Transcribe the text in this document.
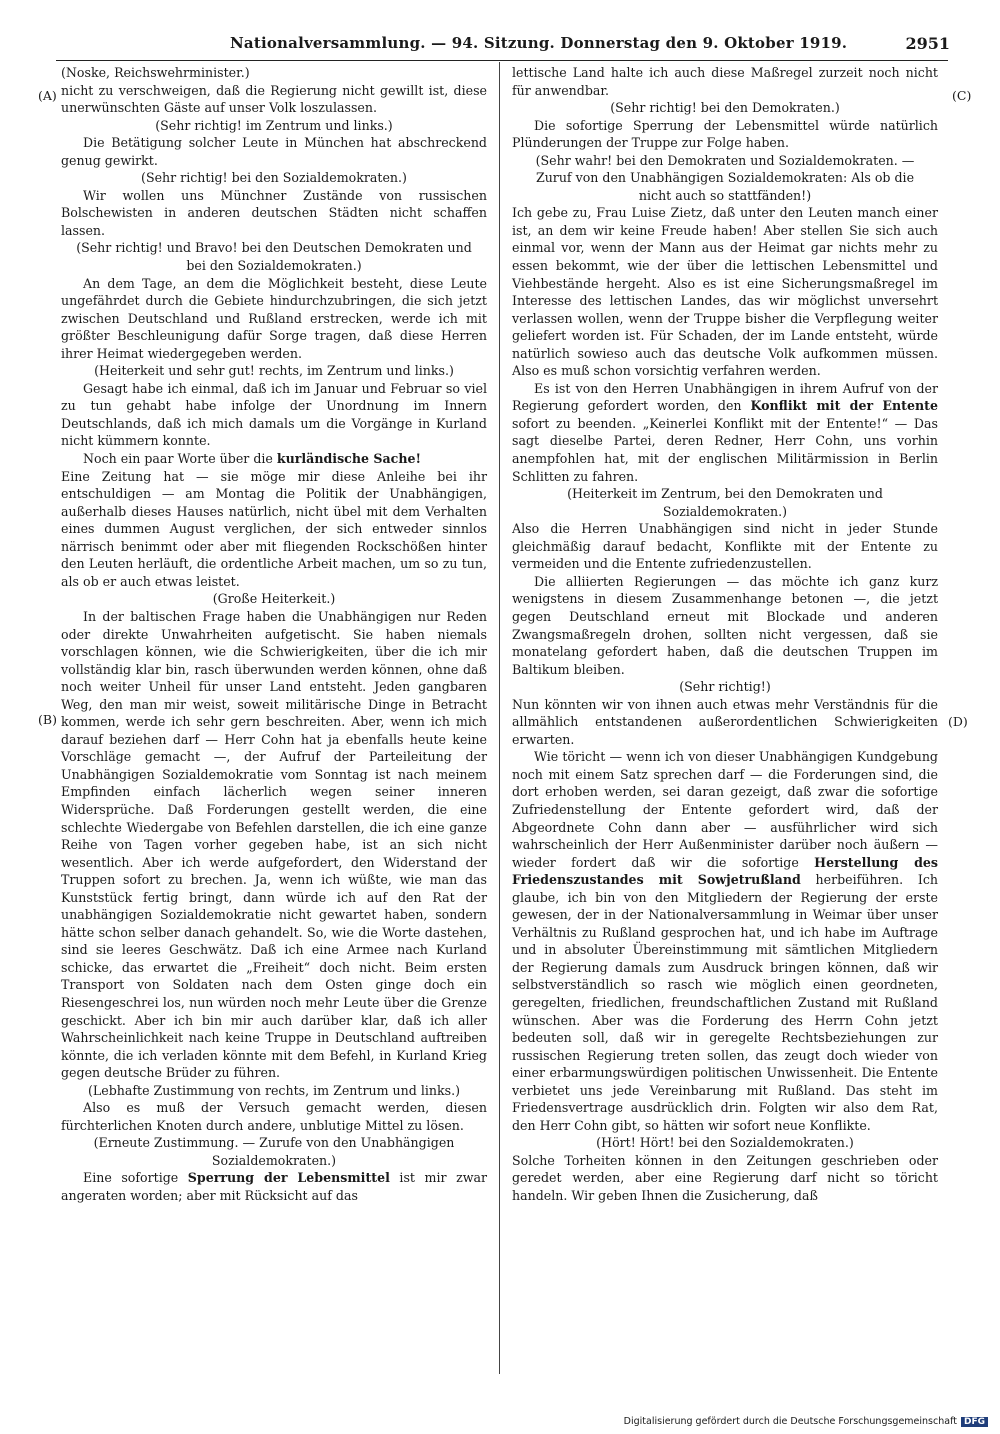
Nationalversammlung. — 94. Sitzung. Donnerstag den 9. Oktober 1919.	2951
(A)
(B)
(C)
(D)

(Noske, Reichswehrminister.)

nicht zu verschweigen, daß die Regierung nicht gewillt ist, diese unerwünschten Gäste auf unser Volk loszulassen.

(Sehr richtig! im Zentrum und links.)

Die Betätigung solcher Leute in München hat abschreckend genug gewirkt.

(Sehr richtig! bei den Sozialdemokraten.)

Wir wollen uns Münchner Zustände von russischen Bolschewisten in anderen deutschen Städten nicht schaffen lassen.

(Sehr richtig! und Bravo! bei den Deutschen Demokraten und bei den Sozialdemokraten.)

An dem Tage, an dem die Möglichkeit besteht, diese Leute ungefährdet durch die Gebiete hindurchzubringen, die sich jetzt zwischen Deutschland und Rußland erstrecken, werde ich mit größter Beschleunigung dafür Sorge tragen, daß diese Herren ihrer Heimat wiedergegeben werden.

(Heiterkeit und sehr gut! rechts, im Zentrum und links.)

Gesagt habe ich einmal, daß ich im Januar und Februar so viel zu tun gehabt habe infolge der Unordnung im Innern Deutschlands, daß ich mich damals um die Vorgänge in Kurland nicht kümmern konnte.

Noch ein paar Worte über die kurländische Sache!

Eine Zeitung hat — sie möge mir diese Anleihe bei ihr entschuldigen — am Montag die Politik der Unabhängigen, außerhalb dieses Hauses natürlich, nicht übel mit dem Verhalten eines dummen August verglichen, der sich entweder sinnlos närrisch benimmt oder aber mit fliegenden Rockschößen hinter den Leuten herläuft, die ordentliche Arbeit machen, um so zu tun, als ob er auch etwas leistet.

(Große Heiterkeit.)

In der baltischen Frage haben die Unabhängigen nur Reden oder direkte Unwahrheiten aufgetischt. Sie haben niemals vorschlagen können, wie die Schwierigkeiten, über die ich mir vollständig klar bin, rasch überwunden werden können, ohne daß noch weiter Unheil für unser Land entsteht. Jeden gangbaren Weg, den man mir weist, soweit militärische Dinge in Betracht kommen, werde ich sehr gern beschreiten. Aber, wenn ich mich darauf beziehen darf — Herr Cohn hat ja ebenfalls heute keine Vorschläge gemacht —, der Aufruf der Parteileitung der Unabhängigen Sozialdemokratie vom Sonntag ist nach meinem Empfinden einfach lächerlich wegen seiner inneren Widersprüche. Daß Forderungen gestellt werden, die eine schlechte Wiedergabe von Befehlen darstellen, die ich eine ganze Reihe von Tagen vorher gegeben habe, ist an sich nicht wesentlich. Aber ich werde aufgefordert, den Widerstand der Truppen sofort zu brechen. Ja, wenn ich wüßte, wie man das Kunststück fertig bringt, dann würde ich auf den Rat der unabhängigen Sozialdemokratie nicht gewartet haben, sondern hätte schon selber danach gehandelt. So, wie die Worte dastehen, sind sie leeres Geschwätz. Daß ich eine Armee nach Kurland schicke, das erwartet die „Freiheit“ doch nicht. Beim ersten Transport von Soldaten nach dem Osten ginge doch ein Riesengeschrei los, nun würden noch mehr Leute über die Grenze geschickt. Aber ich bin mir auch darüber klar, daß ich aller Wahrscheinlichkeit nach keine Truppe in Deutschland auftreiben könnte, die ich verladen könnte mit dem Befehl, in Kurland Krieg gegen deutsche Brüder zu führen.

(Lebhafte Zustimmung von rechts, im Zentrum und links.)

Also es muß der Versuch gemacht werden, diesen fürchterlichen Knoten durch andere, unblutige Mittel zu lösen.

(Erneute Zustimmung. — Zurufe von den Unabhängigen Sozialdemokraten.)

Eine sofortige Sperrung der Lebensmittel ist mir zwar angeraten worden; aber mit Rücksicht auf das

lettische Land halte ich auch diese Maßregel zurzeit noch nicht für anwendbar.

(Sehr richtig! bei den Demokraten.)

Die sofortige Sperrung der Lebensmittel würde natürlich Plünderungen der Truppe zur Folge haben.

(Sehr wahr! bei den Demokraten und Sozialdemokraten. — Zuruf von den Unabhängigen Sozialdemokraten: Als ob die nicht auch so stattfänden!)

Ich gebe zu, Frau Luise Zietz, daß unter den Leuten manch einer ist, an dem wir keine Freude haben! Aber stellen Sie sich auch einmal vor, wenn der Mann aus der Heimat gar nichts mehr zu essen bekommt, wie der über die lettischen Lebensmittel und Viehbestände hergeht. Also es ist eine Sicherungsmaßregel im Interesse des lettischen Landes, das wir möglichst unversehrt verlassen wollen, wenn der Truppe bisher die Verpflegung weiter geliefert worden ist. Für Schaden, der im Lande entsteht, würde natürlich sowieso auch das deutsche Volk aufkommen müssen. Also es muß schon vorsichtig verfahren werden.

Es ist von den Herren Unabhängigen in ihrem Aufruf von der Regierung gefordert worden, den Konflikt mit der Entente sofort zu beenden. „Keinerlei Konflikt mit der Entente!“ — Das sagt dieselbe Partei, deren Redner, Herr Cohn, uns vorhin anempfohlen hat, mit der englischen Militärmission in Berlin Schlitten zu fahren.

(Heiterkeit im Zentrum, bei den Demokraten und Sozialdemokraten.)

Also die Herren Unabhängigen sind nicht in jeder Stunde gleichmäßig darauf bedacht, Konflikte mit der Entente zu vermeiden und die Entente zufriedenzustellen.

Die alliierten Regierungen — das möchte ich ganz kurz wenigstens in diesem Zusammenhange betonen —, die jetzt gegen Deutschland erneut mit Blockade und anderen Zwangsmaßregeln drohen, sollten nicht vergessen, daß sie monatelang gefordert haben, daß die deutschen Truppen im Baltikum bleiben.

(Sehr richtig!)

Nun könnten wir von ihnen auch etwas mehr Verständnis für die allmählich entstandenen außerordentlichen Schwierigkeiten erwarten.

Wie töricht — wenn ich von dieser Unabhängigen Kundgebung noch mit einem Satz sprechen darf — die Forderungen sind, die dort erhoben werden, sei daran gezeigt, daß zwar die sofortige Zufriedenstellung der Entente gefordert wird, daß der Abgeordnete Cohn dann aber — ausführlicher wird sich wahrscheinlich der Herr Außenminister darüber noch äußern — wieder fordert daß wir die sofortige Herstellung des Friedenszustandes mit Sowjetrußland herbeiführen. Ich glaube, ich bin von den Mitgliedern der Regierung der erste gewesen, der in der Nationalversammlung in Weimar über unser Verhältnis zu Rußland gesprochen hat, und ich habe im Auftrage und in absoluter Übereinstimmung mit sämtlichen Mitgliedern der Regierung damals zum Ausdruck bringen können, daß wir selbstverständlich so rasch wie möglich einen geordneten, geregelten, friedlichen, freundschaftlichen Zustand mit Rußland wünschen. Aber was die Forderung des Herrn Cohn jetzt bedeuten soll, daß wir in geregelte Rechtsbeziehungen zur russischen Regierung treten sollen, das zeugt doch wieder von einer erbarmungswürdigen politischen Unwissenheit. Die Entente verbietet uns jede Vereinbarung mit Rußland. Das steht im Friedensvertrage ausdrücklich drin. Folgten wir also dem Rat, den Herr Cohn gibt, so hätten wir sofort neue Konflikte.

(Hört! Hört! bei den Sozialdemokraten.)

Solche Torheiten können in den Zeitungen geschrieben oder geredet werden, aber eine Regierung darf nicht so töricht handeln. Wir geben Ihnen die Zusicherung, daß

Digitalisierung gefördert durch die Deutsche Forschungsgemeinschaft DFG
